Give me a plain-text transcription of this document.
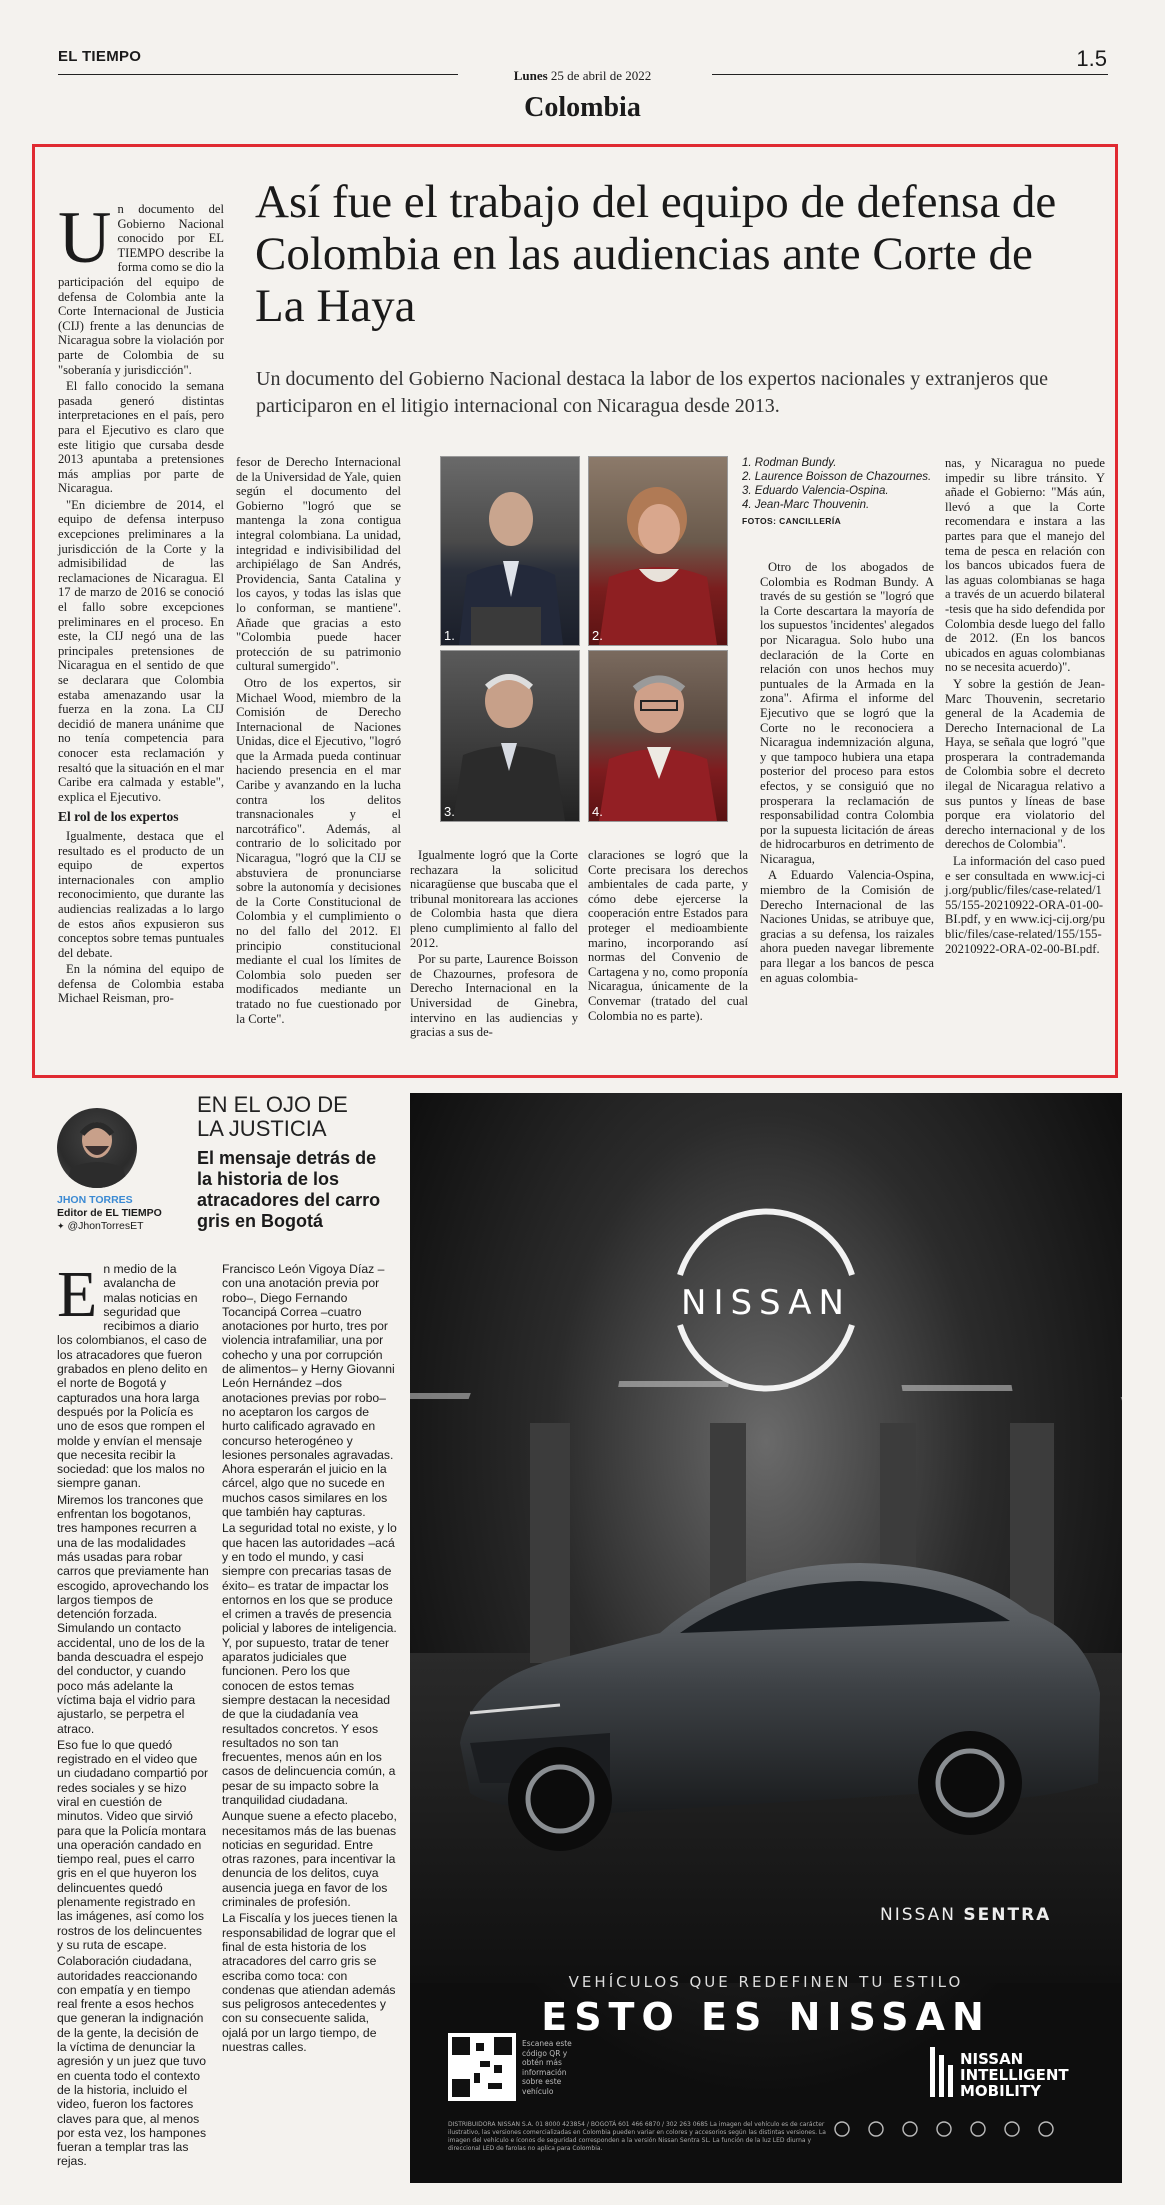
EL TIEMPO
Lunes 25 de abril de 2022
1.5
Colombia
Así fue el trabajo del equipo de defensa de Colombia en las audiencias ante Corte de La Haya
Un documento del Gobierno Nacional destaca la labor de los expertos nacionales y extranjeros que participaron en el litigio internacional con Nicaragua desde 2013.
U n documento del Gobierno Nacional conocido por EL TIEMPO describe la forma como se dio la participación del equipo de defensa de Colombia ante la Corte Internacional de Justicia (CIJ) frente a las denuncias de Nicaragua sobre la violación por parte de Colombia de su "soberanía y jurisdicción".

El fallo conocido la semana pasada generó distintas interpretaciones en el país, pero para el Ejecutivo es claro que este litigio que cursaba desde 2013 apuntaba a pretensiones más amplias por parte de Nicaragua.

"En diciembre de 2014, el equipo de defensa interpuso excepciones preliminares a la jurisdicción de la Corte y la admisibilidad de las reclamaciones de Nicaragua. El 17 de marzo de 2016 se conoció el fallo sobre excepciones preliminares en el proceso. En este, la CIJ negó una de las principales pretensiones de Nicaragua en el sentido de que se declarara que Colombia estaba amenazando usar la fuerza en la zona. La CIJ decidió de manera unánime que no tenía competencia para conocer esta reclamación y resaltó que la situación en el mar Caribe era calmada y estable", explica el Ejecutivo.

El rol de los expertos

Igualmente, destaca que el resultado es el producto de un equipo de expertos internacionales con amplio reconocimiento, que durante las audiencias realizadas a lo largo de estos años expusieron sus conceptos sobre temas puntuales del debate.

En la nómina del equipo de defensa de Colombia estaba Michael Reisman, pro-

fesor de Derecho Internacional de la Universidad de Yale, quien según el documento del Gobierno "logró que se mantenga la zona contigua integral colombiana. La unidad, integridad e indivisibilidad del archipiélago de San Andrés, Providencia, Santa Catalina y los cayos, y todas las islas que lo conforman, se mantiene". Añade que gracias a esto "Colombia puede hacer protección de su patrimonio cultural sumergido".

Otro de los expertos, sir Michael Wood, miembro de la Comisión de Derecho Internacional de Naciones Unidas, dice el Ejecutivo, "logró que la Armada pueda continuar haciendo presencia en el mar Caribe y avanzando en la lucha contra los delitos transnacionales y el narcotráfico". Además, al contrario de lo solicitado por Nicaragua, "logró que la CIJ se abstuviera de pronunciarse sobre la autonomía y decisiones de la Corte Constitucional de Colombia y el cumplimiento o no del fallo del 2012. El principio constitucional mediante el cual los límites de Colombia solo pueden ser modificados mediante un tratado no fue cuestionado por la Corte".

1.	2.
3.	4.
1. Rodman Bundy.
2. Laurence Boisson de Chazournes.
3. Eduardo Valencia-Ospina.
4. Jean-Marc Thouvenin.
FOTOS: CANCILLERÍA

Igualmente logró que la Corte rechazara la solicitud nicaragüense que buscaba que el tribunal monitoreara las acciones de Colombia hasta que diera pleno cumplimiento al fallo del 2012.

Por su parte, Laurence Boisson de Chazournes, profesora de Derecho Internacional en la Universidad de Ginebra, intervino en las audiencias y gracias a sus de-

claraciones se logró que la Corte precisara los derechos ambientales de cada parte, y cómo debe ejercerse la cooperación entre Estados para proteger el medioambiente marino, incorporando así normas del Convenio de Cartagena y no, como proponía Nicaragua, únicamente de la Convemar (tratado del cual Colombia no es parte).

Otro de los abogados de Colombia es Rodman Bundy. A través de su gestión se "logró que la Corte descartara la mayoría de los supuestos 'incidentes' alegados por Nicaragua. Solo hubo una declaración de la Corte en relación con unos hechos muy puntuales de la Armada en la zona". Afirma el informe del Ejecutivo que se logró que la Corte no le reconociera a Nicaragua indemnización alguna, y que tampoco hubiera una etapa posterior del proceso para estos efectos, y se consiguió que no prosperara la reclamación de responsabilidad contra Colombia por la supuesta licitación de áreas de hidrocarburos en detrimento de Nicaragua,

A Eduardo Valencia-Ospina, miembro de la Comisión de Derecho Internacional de las Naciones Unidas, se atribuye que, gracias a su defensa, los raizales ahora pueden navegar libremente para llegar a los bancos de pesca en aguas colombia-

nas, y Nicaragua no puede impedir su libre tránsito. Y añade el Gobierno: "Más aún, llevó a que la Corte recomendara e instara a las partes para que el manejo del tema de pesca en relación con los bancos ubicados fuera de las aguas colombianas se haga a través de un acuerdo bilateral -tesis que ha sido defendida por Colombia desde luego del fallo de 2012. (En los bancos ubicados en aguas colombianas no se necesita acuerdo)".

Y sobre la gestión de Jean-Marc Thouvenin, secretario general de la Academia de Derecho Internacional de La Haya, se señala que logró "que prosperara la contrademanda de Colombia sobre el decreto ilegal de Nicaragua relativo a sus puntos y líneas de base porque era violatorio del derecho internacional y de los derechos de Colombia".

La información del caso puede ser consultada en www.icj-cij.org/public/files/case-related/155/155-20210922-ORA-01-00-BI.pdf, y en www.icj-cij.org/public/files/case-related/155/155-20210922-ORA-02-00-BI.pdf.

JHON TORRES
Editor de EL TIEMPO
✦ @JhonTorresET
EN EL OJO DE LA JUSTICIA
El mensaje detrás de la historia de los atracadores del carro gris en Bogotá
E n medio de la avalancha de malas noticias en seguridad que recibimos a diario los colombianos, el caso de los atracadores que fueron grabados en pleno delito en el norte de Bogotá y capturados una hora larga después por la Policía es uno de esos que rompen el molde y envían el mensaje que necesita recibir la sociedad: que los malos no siempre ganan.

Miremos los trancones que enfrentan los bogotanos, tres hampones recurren a una de las modalidades más usadas para robar carros que previamente han escogido, aprovechando los largos tiempos de detención forzada. Simulando un contacto accidental, uno de los de la banda descuadra el espejo del conductor, y cuando poco más adelante la víctima baja el vidrio para ajustarlo, se perpetra el atraco.

Eso fue lo que quedó registrado en el video que un ciudadano compartió por redes sociales y se hizo viral en cuestión de minutos. Video que sirvió para que la Policía montara una operación candado en tiempo real, pues el carro gris en el que huyeron los delincuentes quedó plenamente registrado en las imágenes, así como los rostros de los delincuentes y su ruta de escape.

Colaboración ciudadana, autoridades reaccionando con empatía y en tiempo real frente a esos hechos que generan la indignación de la gente, la decisión de la víctima de denunciar la agresión y un juez que tuvo en cuenta todo el contexto de la historia, incluido el video, fueron los factores claves para que, al menos por esta vez, los hampones fueran a templar tras las rejas.

Francisco León Vigoya Díaz –con una anotación previa por robo–, Diego Fernando Tocancipá Correa –cuatro anotaciones por hurto, tres por violencia intrafamiliar, una por cohecho y una por corrupción de alimentos– y Herny Giovanni León Hernández –dos anotaciones previas por robo– no aceptaron los cargos de hurto calificado agravado en concurso heterogéneo y lesiones personales agravadas. Ahora esperarán el juicio en la cárcel, algo que no sucede en muchos casos similares en los que también hay capturas.

La seguridad total no existe, y lo que hacen las autoridades –acá y en todo el mundo, y casi siempre con precarias tasas de éxito– es tratar de impactar los entornos en los que se produce el crimen a través de presencia policial y labores de inteligencia. Y, por supuesto, tratar de tener aparatos judiciales que funcionen. Pero los que conocen de estos temas siempre destacan la necesidad de que la ciudadanía vea resultados concretos. Y esos resultados no son tan frecuentes, menos aún en los casos de delincuencia común, a pesar de su impacto sobre la tranquilidad ciudadana.

Aunque suene a efecto placebo, necesitamos más de las buenas noticias en seguridad. Entre otras razones, para incentivar la denuncia de los delitos, cuya ausencia juega en favor de los criminales de profesión.

La Fiscalía y los jueces tienen la responsabilidad de lograr que el final de esta historia de los atracadores del carro gris se escriba como toca: con condenas que atiendan además sus peligrosos antecedentes y con su consecuente salida, ojalá por un largo tiempo, de nuestras calles.

NISSAN
NISSAN SENTRA
VEHÍCULOS QUE REDEFINEN TU ESTILO
ESTO ES NISSAN
Escanea este código QR y obtén más información sobre este vehículo
NISSAN
INTELLIGENT
MOBILITY
DISTRIBUIDORA NISSAN S.A. 01 8000 423854 / BOGOTÁ 601 466 6870 / 302 263 0685 La imagen del vehículo es de carácter ilustrativo, las versiones comercializadas en Colombia pueden variar en colores y accesorios según las distintas versiones. La imagen del vehículo e íconos de seguridad corresponden a la versión Nissan Sentra SL. La función de la luz LED diurna y direccional LED de farolas no aplica para Colombia.
